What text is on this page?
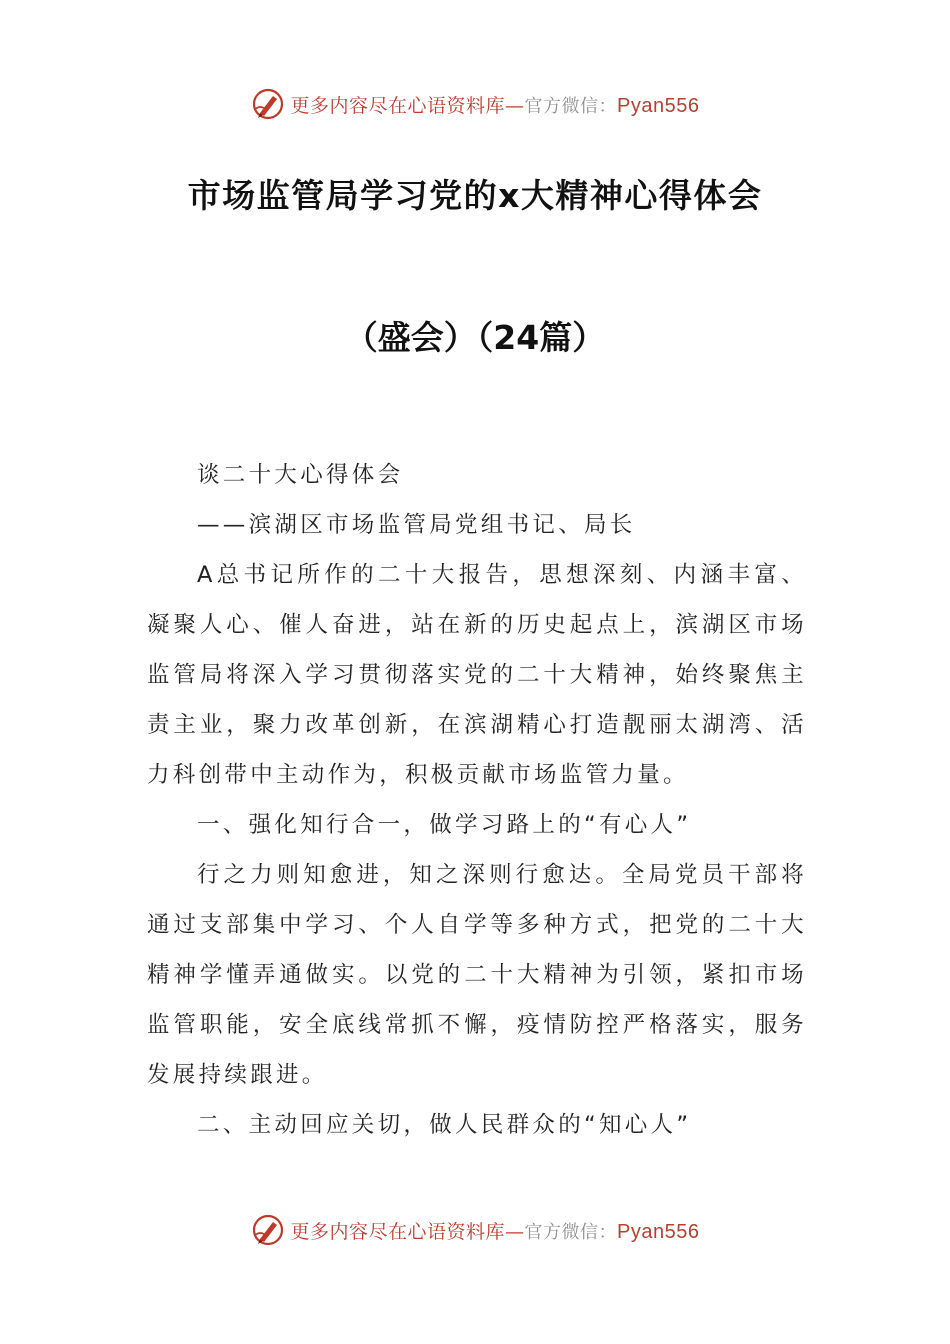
更多内容尽在心语资料库—官方微信：Pyan556
市场监管局学习党的x大精神心得体会
（盛会）（24篇）

谈二十大心得体会

——滨湖区市场监管局党组书记、局长

A总书记所作的二十大报告，思想深刻、内涵丰富、凝聚人心、催人奋进，站在新的历史起点上，滨湖区市场监管局将深入学习贯彻落实党的二十大精神，始终聚焦主责主业，聚力改革创新，在滨湖精心打造靓丽太湖湾、活力科创带中主动作为，积极贡献市场监管力量。

一、强化知行合一，做学习路上的“有心人”

行之力则知愈进，知之深则行愈达。全局党员干部将通过支部集中学习、个人自学等多种方式，把党的二十大精神学懂弄通做实。以党的二十大精神为引领，紧扣市场监管职能，安全底线常抓不懈，疫情防控严格落实，服务发展持续跟进。

二、主动回应关切，做人民群众的“知心人”

更多内容尽在心语资料库—官方微信：Pyan556
